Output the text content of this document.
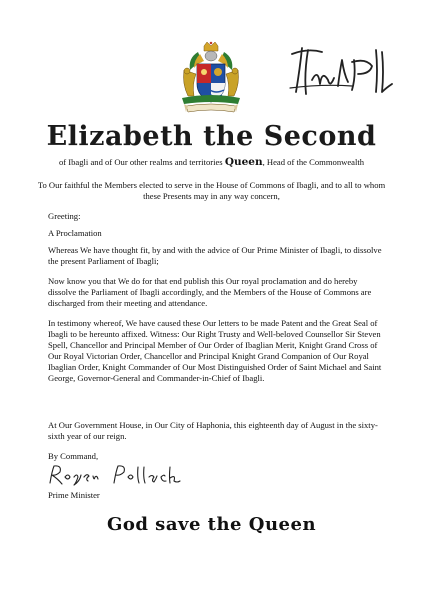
Elizabeth the Second
of Ibagli and of Our other realms and territories Queen, Head of the Commonwealth
To Our faithful the Members elected to serve in the House of Commons of Ibagli, and to all to whom these Presents may in any way concern,

Greeting:

A Proclamation

Whereas We have thought fit, by and with the advice of Our Prime Minister of Ibagli, to dissolve the present Parliament of Ibagli;

Now know you that We do for that end publish this Our royal proclamation and do hereby dissolve the Parliament of Ibagli accordingly, and the Members of the House of Commons are discharged from their meeting and attendance.

In testimony whereof, We have caused these Our letters to be made Patent and the Great Seal of Ibagli to be hereunto affixed. Witness: Our Right Trusty and Well-beloved Counsellor Sir Steven Spell, Chancellor and Principal Member of Our Order of Ibaglian Merit, Knight Grand Cross of Our Royal Victorian Order, Chancellor and Principal Knight Grand Companion of Our Royal Ibaglian Order, Knight Commander of Our Most Distinguished Order of Saint Michael and Saint George, Governor-General and Commander-in-Chief of Ibagli.

At Our Government House, in Our City of Haphonia, this eighteenth day of August in the sixty-sixth year of our reign.

By Command,

Prime Minister
God save the Queen
